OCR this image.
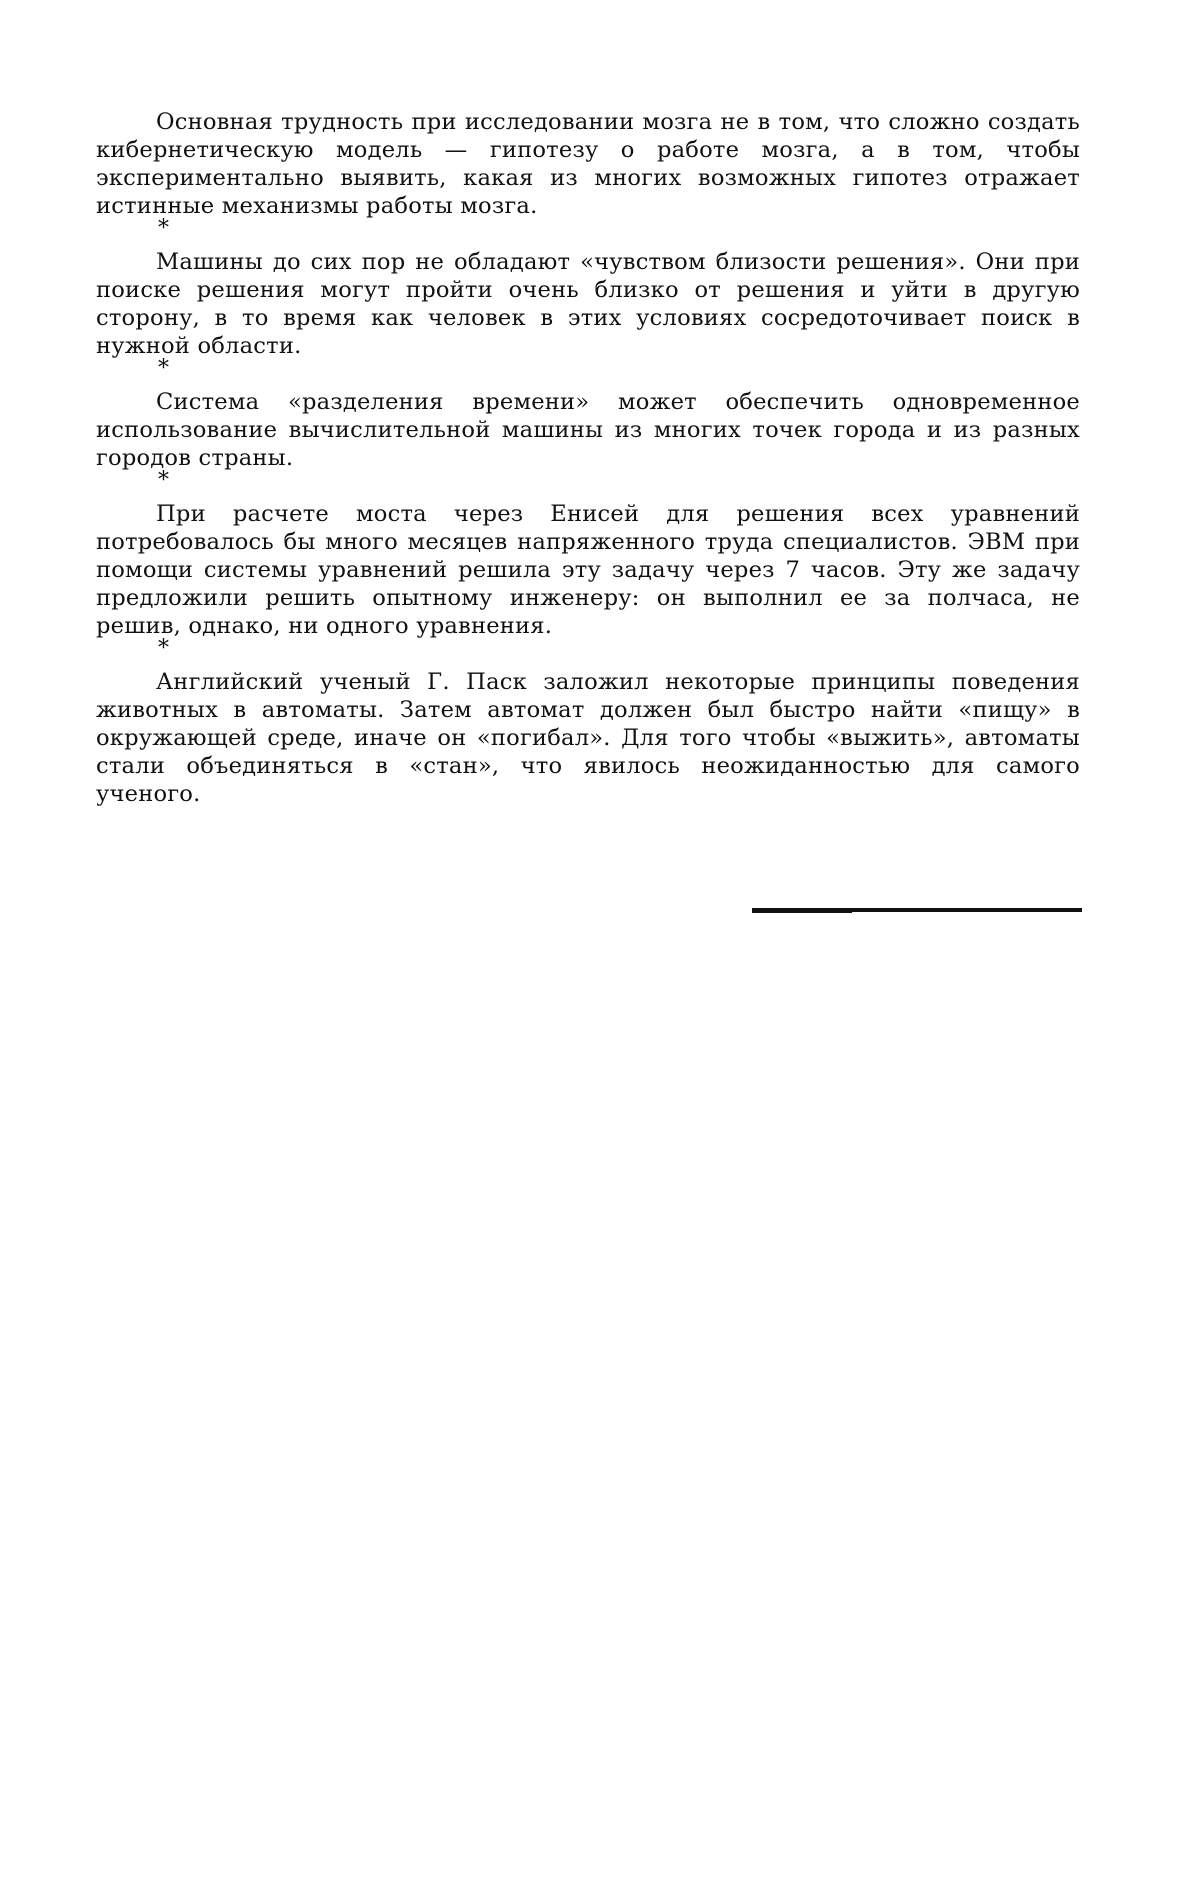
Основная трудность при исследовании мозга не в том, что сложно создать кибернетическую модель — гипотезу о работе мозга, а в том, чтобы экспериментально выявить, какая из многих возможных гипотез отражает истинные механизмы работы мозга.

*

Машины до сих пор не обладают «чувством близости решения». Они при поиске решения могут пройти очень близко от решения и уйти в другую сторону, в то время как человек в этих условиях сосредоточивает поиск в нужной области.

*

Система «разделения времени» может обеспечить одновременное использование вычислительной машины из многих точек города и из разных городов страны.

*

При расчете моста через Енисей для решения всех уравнений потребовалось бы много месяцев напряженного труда специалистов. ЭВМ при помощи системы уравнений решила эту задачу через 7 часов. Эту же задачу предложили решить опытному инженеру: он выполнил ее за полчаса, не решив, однако, ни одного уравнения.

*

Английский ученый Г. Паск заложил некоторые принципы поведения животных в автоматы. Затем автомат должен был быстро найти «пищу» в окружающей среде, иначе он «погибал». Для того чтобы «выжить», автоматы стали объединяться в «стан», что явилось неожиданностью для самого ученого.
